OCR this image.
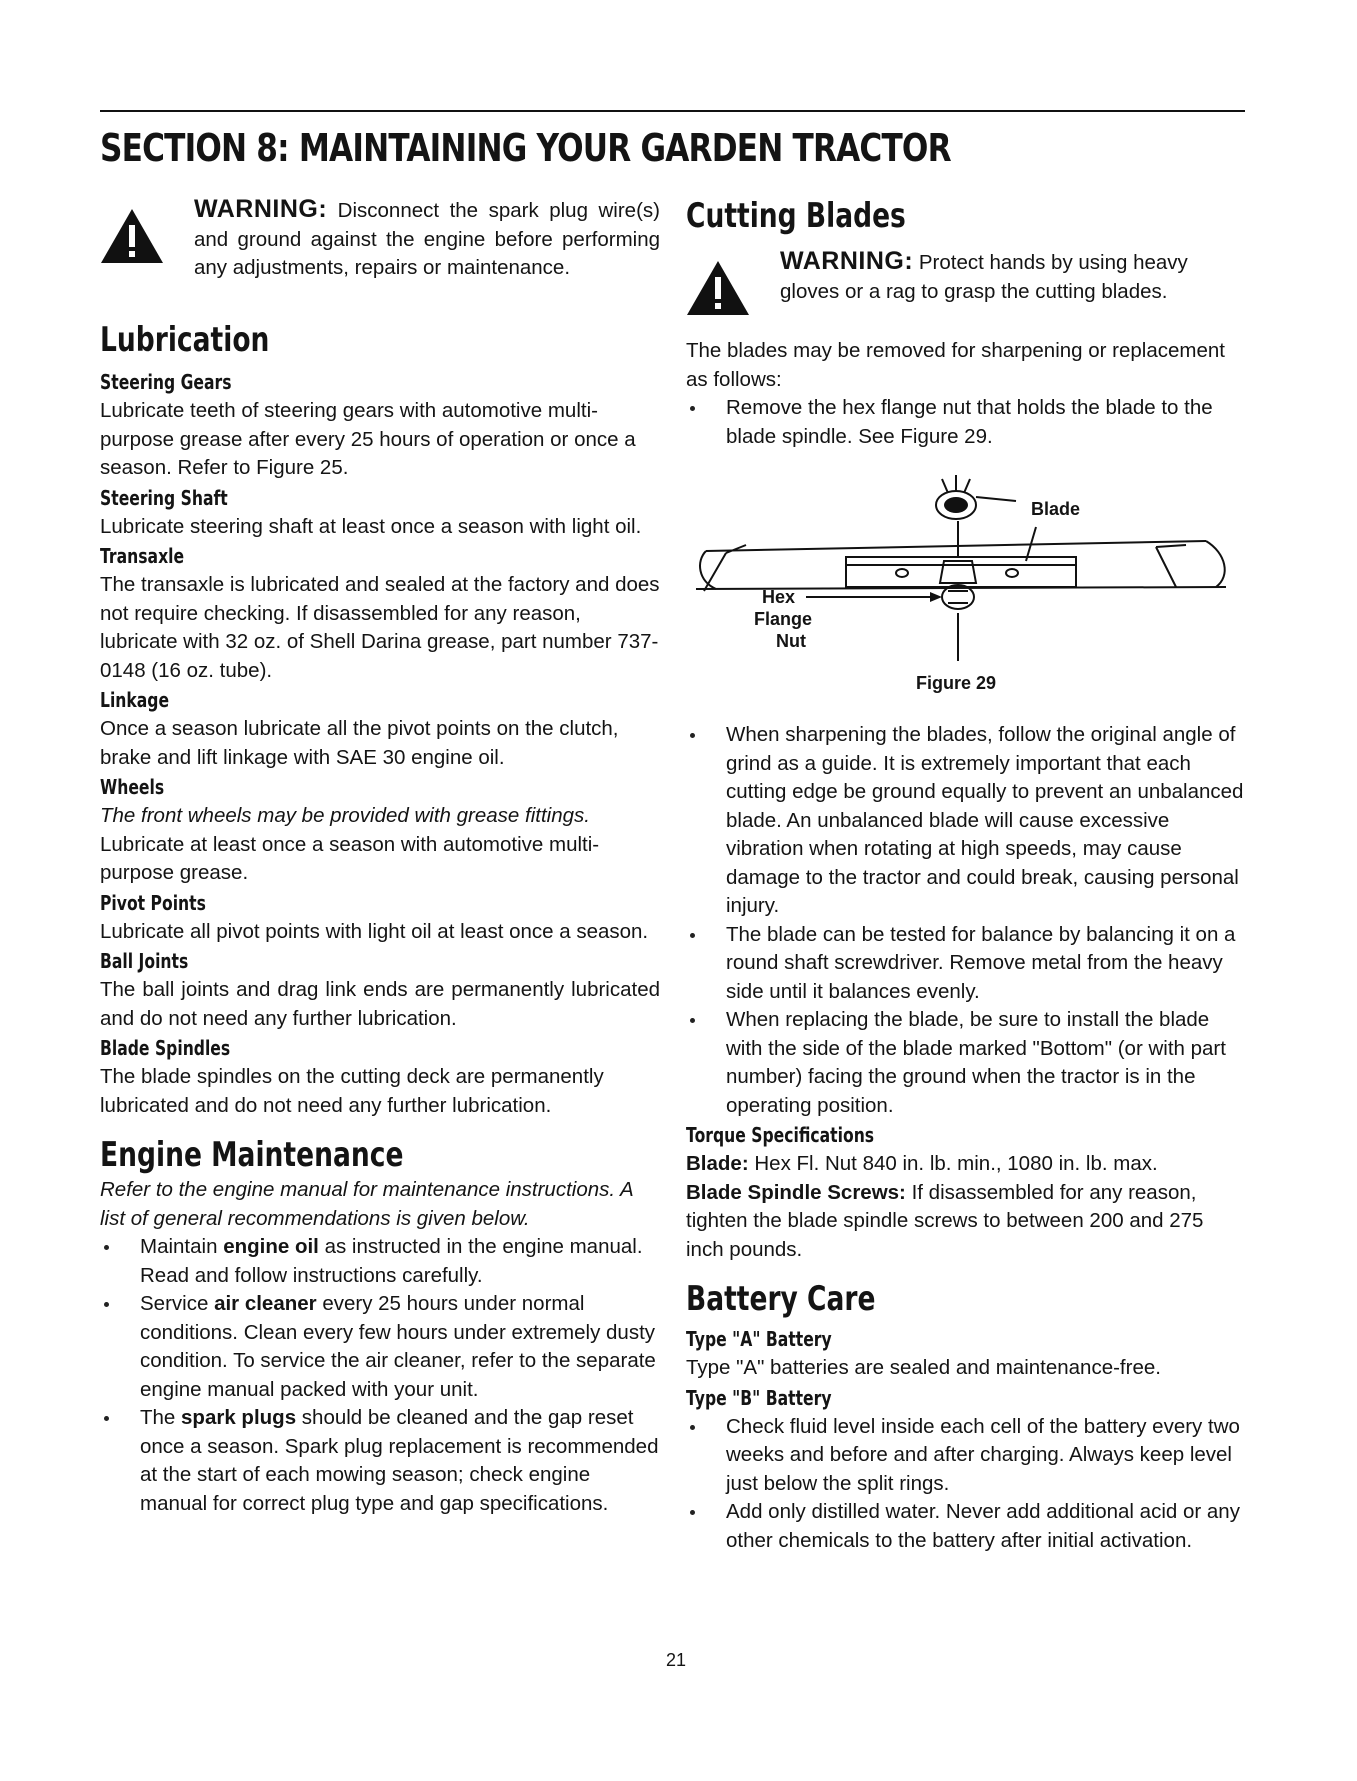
SECTION 8: MAINTAINING YOUR GARDEN TRACTOR

WARNING: Disconnect the spark plug wire(s) and ground against the engine before performing any adjustments, repairs or maintenance.

Lubrication
Steering Gears

Lubricate teeth of steering gears with automotive multi-purpose grease after every 25 hours of operation or once a season. Refer to Figure 25.

Steering Shaft

Lubricate steering shaft at least once a season with light oil.

Transaxle

The transaxle is lubricated and sealed at the factory and does not require checking. If disassembled for any reason, lubricate with 32 oz. of Shell Darina grease, part number 737-0148 (16 oz. tube).

Linkage

Once a season lubricate all the pivot points on the clutch, brake and lift linkage with SAE 30 engine oil.

Wheels

The front wheels may be provided with grease fittings. Lubricate at least once a season with automotive multi-purpose grease.

Pivot Points

Lubricate all pivot points with light oil at least once a season.

Ball Joints

The ball joints and drag link ends are permanently lubricated and do not need any further lubrication.

Blade Spindles

The blade spindles on the cutting deck are permanently lubricated and do not need any further lubrication.

Engine Maintenance

Refer to the engine manual for maintenance instructions. A list of general recommendations is given below.

Maintain engine oil as instructed in the engine manual. Read and follow instructions carefully.
Service air cleaner every 25 hours under normal conditions. Clean every few hours under extremely dusty condition. To service the air cleaner, refer to the separate engine manual packed with your unit.
The spark plugs should be cleaned and the gap reset once a season. Spark plug replacement is recommended at the start of each mowing season; check engine manual for correct plug type and gap specifications.
Cutting Blades

WARNING: Protect hands by using heavy gloves or a rag to grasp the cutting blades.

The blades may be removed for sharpening or replacement as follows:

Remove the hex flange nut that holds the blade to the blade spindle. See Figure 29.
Blade
Hex
Flange
Nut
Figure 29
When sharpening the blades, follow the original angle of grind as a guide. It is extremely important that each cutting edge be ground equally to prevent an unbalanced blade. An unbalanced blade will cause excessive vibration when rotating at high speeds, may cause damage to the tractor and could break, causing personal injury.
The blade can be tested for balance by balancing it on a round shaft screwdriver. Remove metal from the heavy side until it balances evenly.
When replacing the blade, be sure to install the blade with the side of the blade marked "Bottom" (or with part number) facing the ground when the tractor is in the operating position.
Torque Specifications

Blade: Hex Fl. Nut 840 in. lb. min., 1080 in. lb. max.

Blade Spindle Screws: If disassembled for any reason, tighten the blade spindle screws to between 200 and 275 inch pounds.

Battery Care
Type "A" Battery

Type "A" batteries are sealed and maintenance-free.

Type "B" Battery
Check fluid level inside each cell of the battery every two weeks and before and after charging. Always keep level just below the split rings.
Add only distilled water. Never add additional acid or any other chemicals to the battery after initial activation.
21
